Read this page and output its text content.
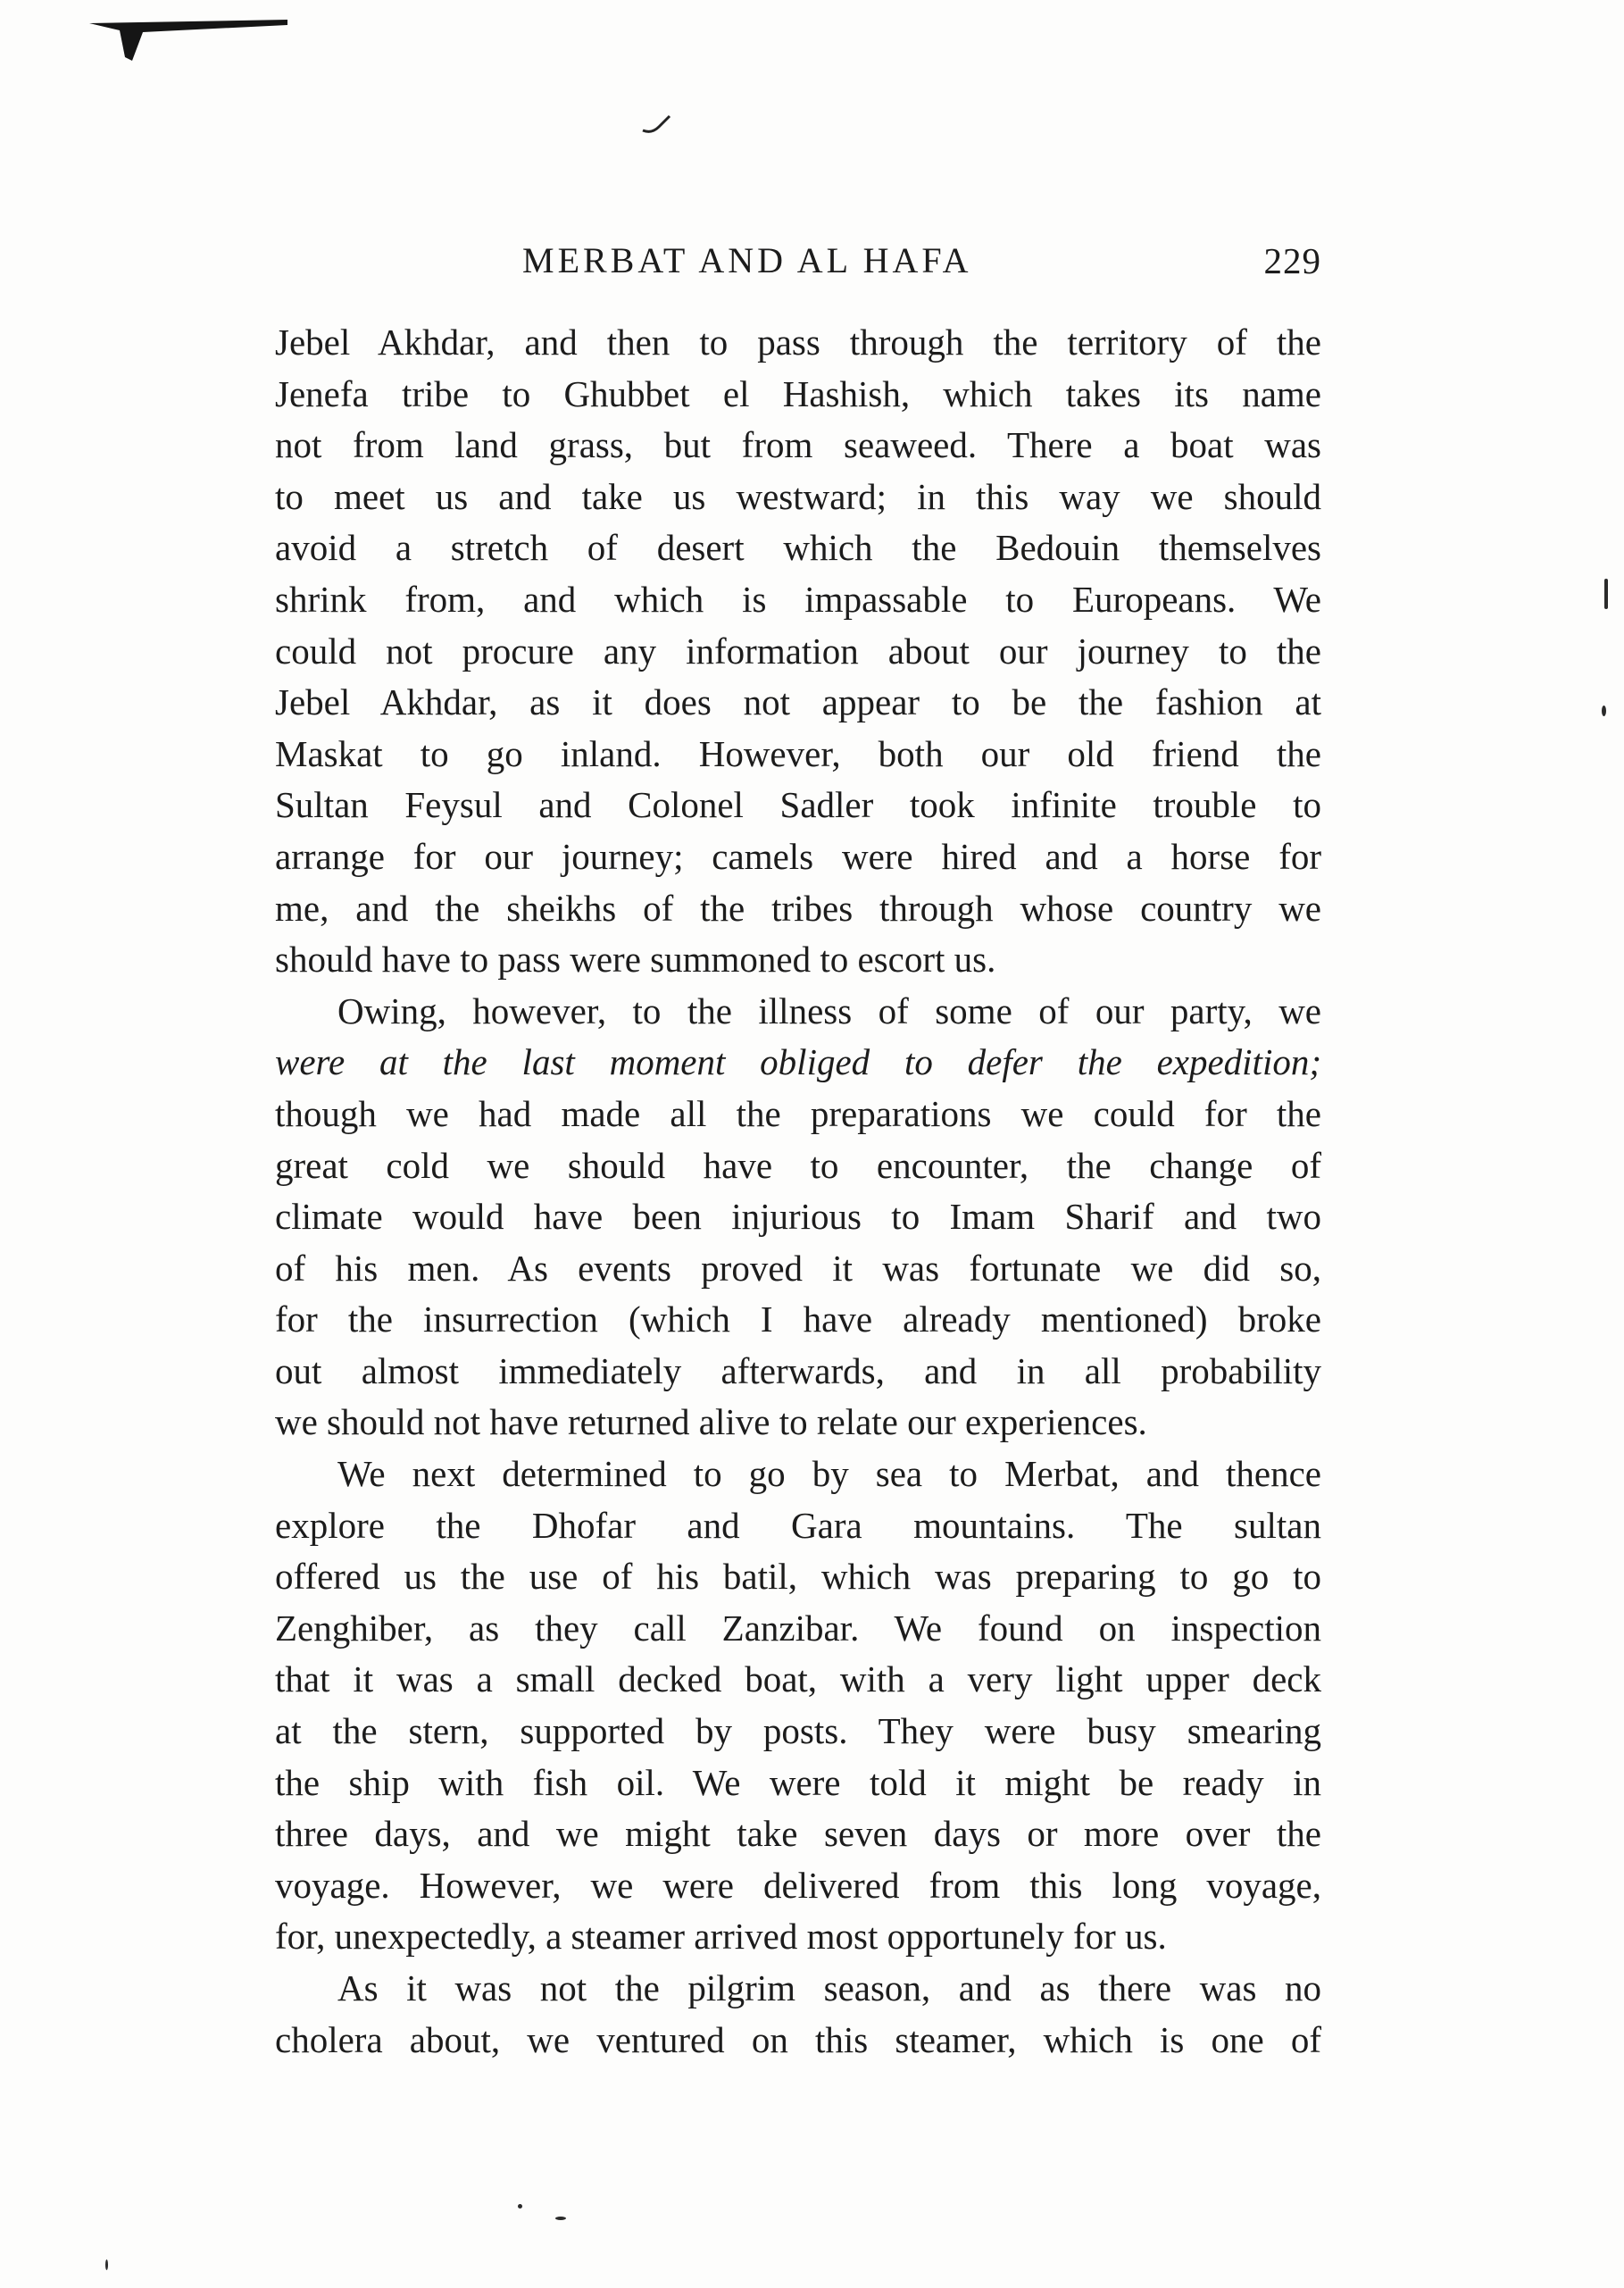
MERBAT AND AL HAFA	229
Jebel Akhdar, and then to pass through the territory of the
Jenefa tribe to Ghubbet el Hashish, which takes its name
not from land grass, but from seaweed. There a boat was
to meet us and take us westward; in this way we should
avoid a stretch of desert which the Bedouin themselves
shrink from, and which is impassable to Europeans. We
could not procure any information about our journey to the
Jebel Akhdar, as it does not appear to be the fashion at
Maskat to go inland. However, both our old friend the
Sultan Feysul and Colonel Sadler took infinite trouble to
arrange for our journey; camels were hired and a horse for
me, and the sheikhs of the tribes through whose country we
should have to pass were summoned to escort us.
Owing, however, to the illness of some of our party, we
were at the last moment obliged to defer the expedition;
though we had made all the preparations we could for the
great cold we should have to encounter, the change of
climate would have been injurious to Imam Sharif and two
of his men. As events proved it was fortunate we did so,
for the insurrection (which I have already mentioned) broke
out almost immediately afterwards, and in all probability
we should not have returned alive to relate our experiences.
We next determined to go by sea to Merbat, and thence
explore the Dhofar and Gara mountains. The sultan
offered us the use of his batil, which was preparing to go to
Zenghiber, as they call Zanzibar. We found on inspection
that it was a small decked boat, with a very light upper deck
at the stern, supported by posts. They were busy smearing
the ship with fish oil. We were told it might be ready in
three days, and we might take seven days or more over the
voyage. However, we were delivered from this long voyage,
for, unexpectedly, a steamer arrived most opportunely for us.
As it was not the pilgrim season, and as there was no
cholera about, we ventured on this steamer, which is one of
